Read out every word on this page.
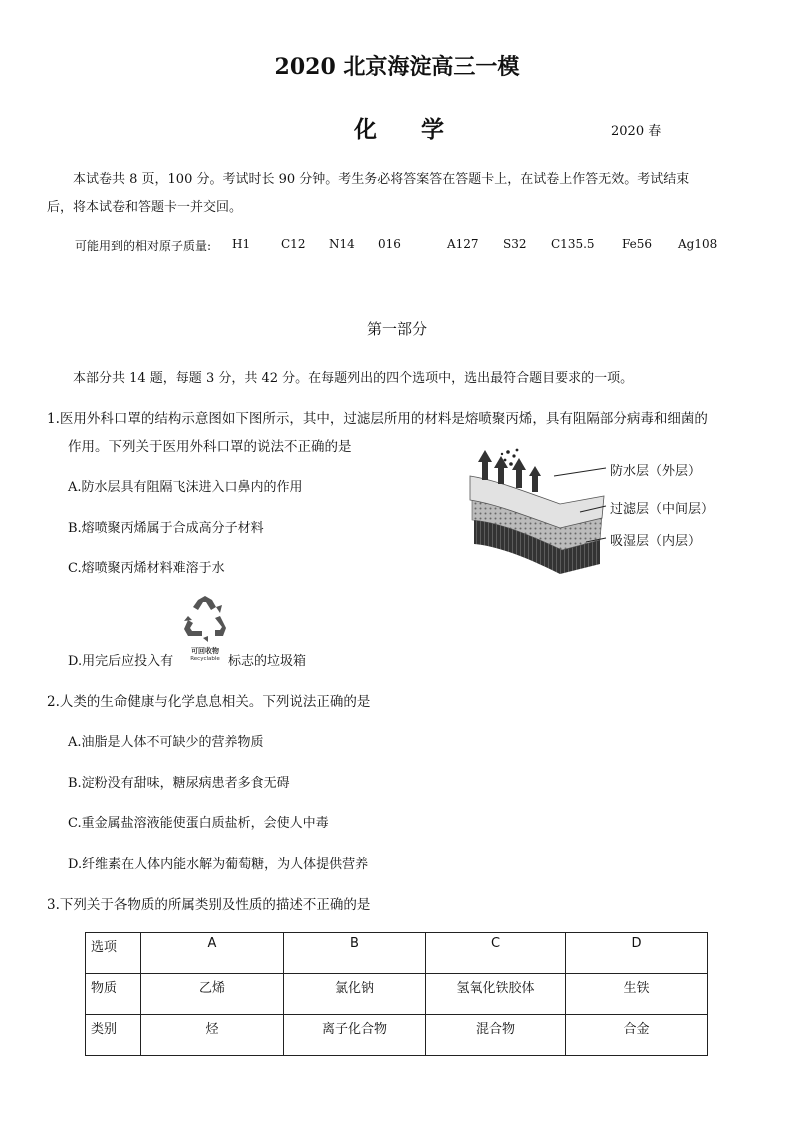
2020 北京海淀高三一模
化学	2020 春
本试卷共 8 页，100 分。考试时长 90 分钟。考生务必将答案答在答题卡上，在试卷上作答无效。考试结束
后，将本试卷和答题卡一并交回。
可能用到的相对原子质量: H1	C12 N14 016	A127 S32 C135.5 Fe56 Ag108
第一部分
本部分共 14 题，每题 3 分，共 42 分。在每题列出的四个选项中，选出最符合题目要求的一项。
1.医用外科口罩的结构示意图如下图所示，其中，过滤层所用的材料是熔喷聚丙烯，具有阻隔部分病毒和细菌的
作用。下列关于医用外科口罩的说法不正确的是
A.防水层具有阻隔飞沫进入口鼻内的作用
B.熔喷聚丙烯属于合成高分子材料
C.熔喷聚丙烯材料难溶于水
D.用完后应投入有	标志的垃圾箱
可回收物
Recyclable
防水层（外层）
过滤层（中间层）
吸湿层（内层）
2.人类的生命健康与化学息息相关。下列说法正确的是
A.油脂是人体不可缺少的营养物质
B.淀粉没有甜味，糖尿病患者多食无碍
C.重金属盐溶液能使蛋白质盐析，会使人中毒
D.纤维素在人体内能水解为葡萄糖，为人体提供营养
3.下列关于各物质的所属类别及性质的描述不正确的是
选项	A	B	C	D

物质	乙烯	氯化钠	氢氧化铁胶体	生铁

类别	烃	离子化合物	混合物	合金
